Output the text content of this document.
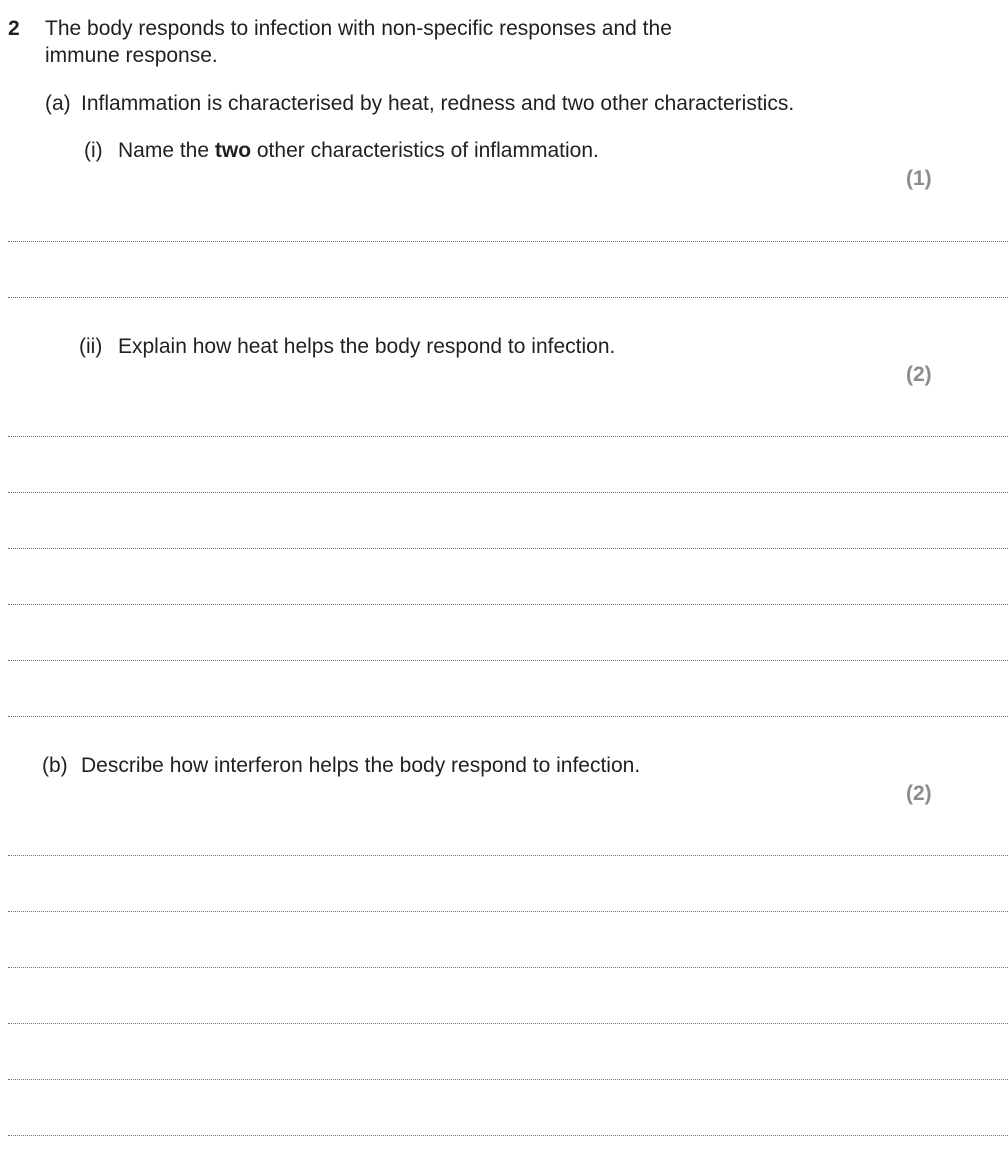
2 The body responds to infection with non-specific responses and the
immune response.
(a) Inflammation is characterised by heat, redness and two other characteristics.
(i) Name the two other characteristics of inflammation.
(1)
(ii) Explain how heat helps the body respond to infection.
(2)
(b) Describe how interferon helps the body respond to infection.
(2)
